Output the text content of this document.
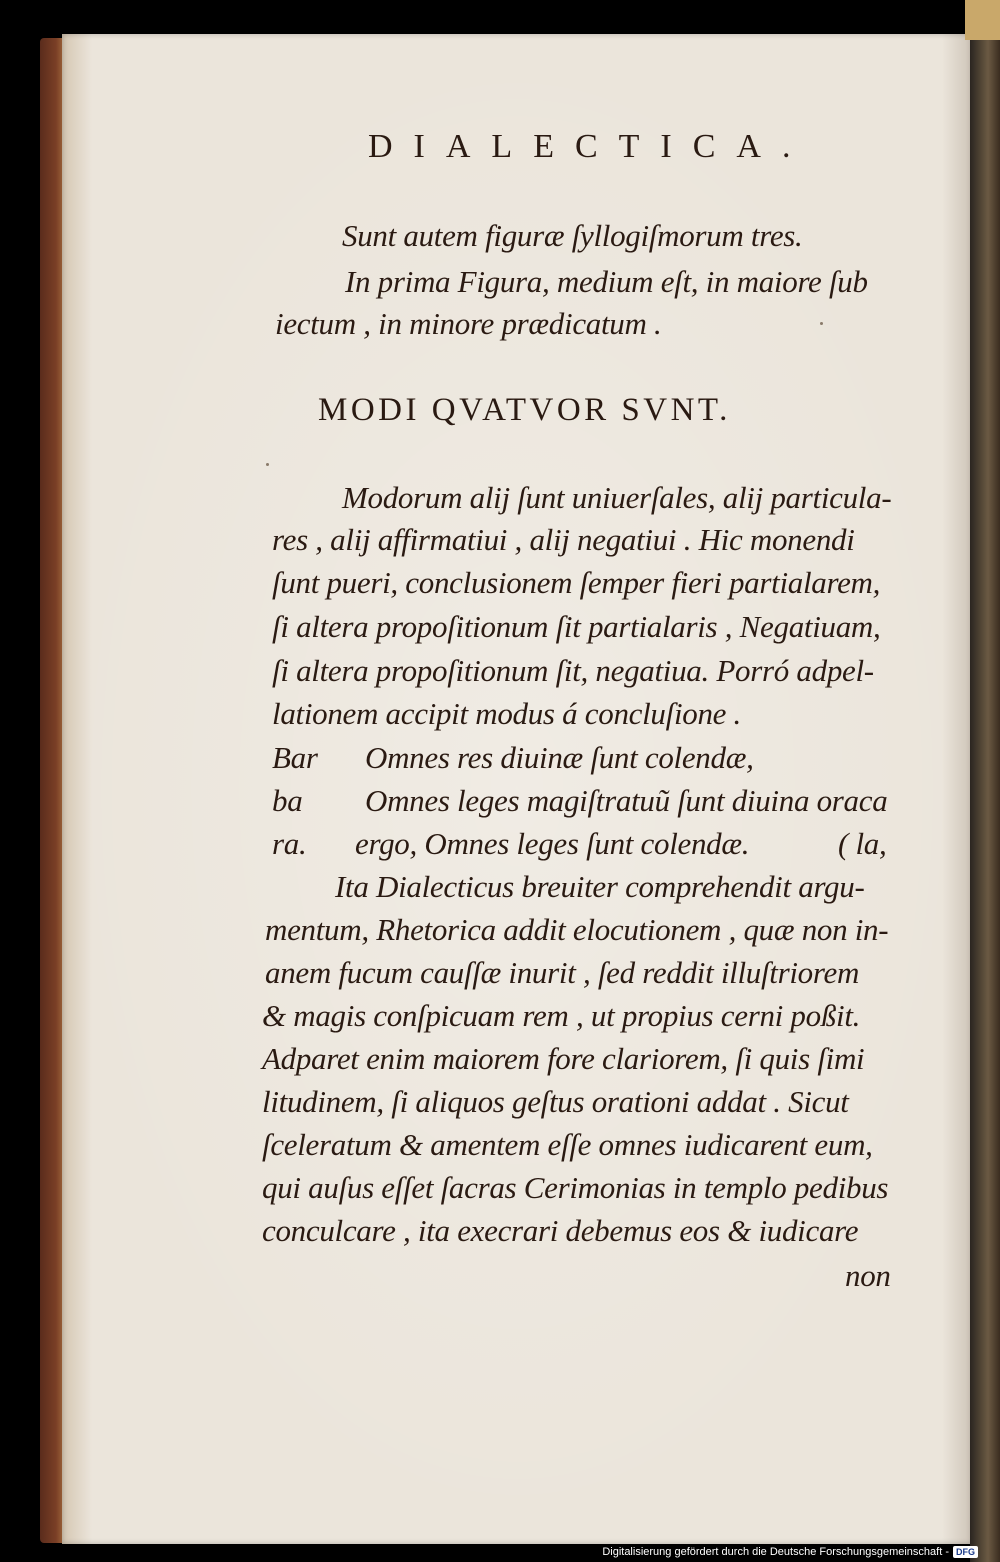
DIALECTICA.
Sunt autem figuræ ſyllogiſmorum tres.
In prima Figura, medium eſt, in maiore ſub
iectum , in minore prædicatum .
MODI QVATVOR SVNT.
Modorum alij ſunt uniuerſales, alij particula-
res , alij affirmatiui , alij negatiui . Hic monendi
ſunt pueri, conclusionem ſemper fieri partialarem,
ſi altera propoſitionum ſit partialaris , Negatiuam,
ſi altera propoſitionum ſit, negatiua. Porró adpel-
lationem accipit modus á concluſione .
Bar Omnes res diuinæ ſunt colendæ,
ba Omnes leges magiſtratuũ ſunt diuina oraca
ra. ergo, Omnes leges ſunt colendæ.	( la,
Ita Dialecticus breuiter comprehendit argu-
mentum, Rhetorica addit elocutionem , quæ non in-
anem fucum cauſſæ inurit , ſed reddit illuſtriorem
& magis conſpicuam rem , ut propius cerni poßit.
Adparet enim maiorem fore clariorem, ſi quis ſimi
litudinem, ſi aliquos geſtus orationi addat . Sicut
ſceleratum & amentem eſſe omnes iudicarent eum,
qui auſus eſſet ſacras Cerimonias in templo pedibus
conculcare , ita execrari debemus eos & iudicare
non
Digitalisierung gefördert durch die Deutsche Forschungsgemeinschaft - DFG
